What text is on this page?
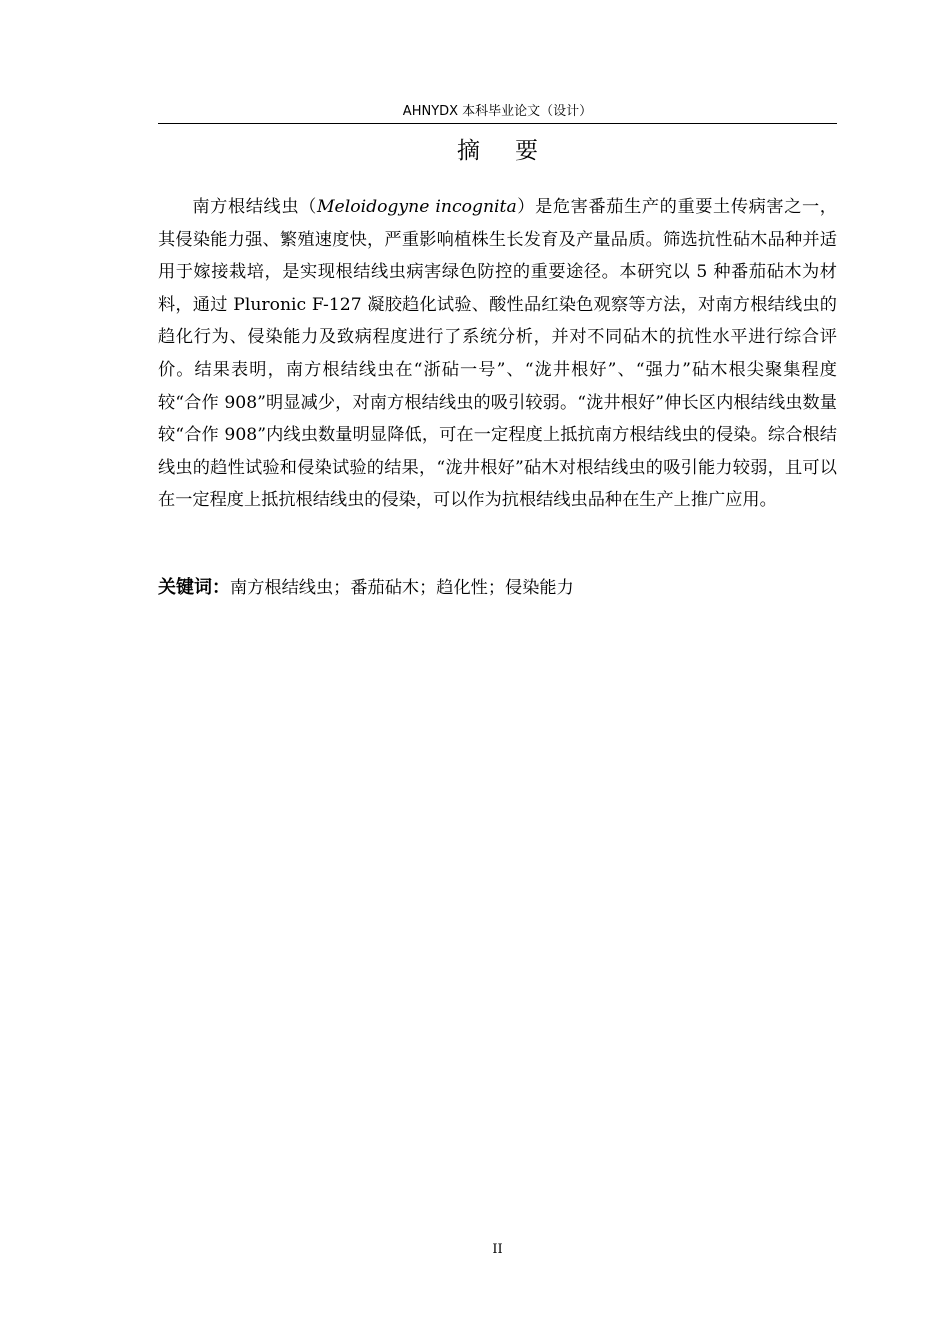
AHNYDX 本科毕业论文（设计）
摘 要

南方根结线虫（Meloidogyne incognita）是危害番茄生产的重要土传病害之一，其侵染能力强、繁殖速度快，严重影响植株生长发育及产量品质。筛选抗性砧木品种并适用于嫁接栽培，是实现根结线虫病害绿色防控的重要途径。本研究以 5 种番茄砧木为材料，通过 Pluronic F-127 凝胶趋化试验、酸性品红染色观察等方法，对南方根结线虫的趋化行为、侵染能力及致病程度进行了系统分析，并对不同砧木的抗性水平进行综合评价。结果表明，南方根结线虫在“浙砧一号”、“泷井根好”、“强力”砧木根尖聚集程度较“合作 908”明显减少，对南方根结线虫的吸引较弱。“泷井根好”伸长区内根结线虫数量较“合作 908”内线虫数量明显降低，可在一定程度上抵抗南方根结线虫的侵染。综合根结线虫的趋性试验和侵染试验的结果，“泷井根好”砧木对根结线虫的吸引能力较弱，且可以在一定程度上抵抗根结线虫的侵染，可以作为抗根结线虫品种在生产上推广应用。

关键词：南方根结线虫；番茄砧木；趋化性；侵染能力
II
